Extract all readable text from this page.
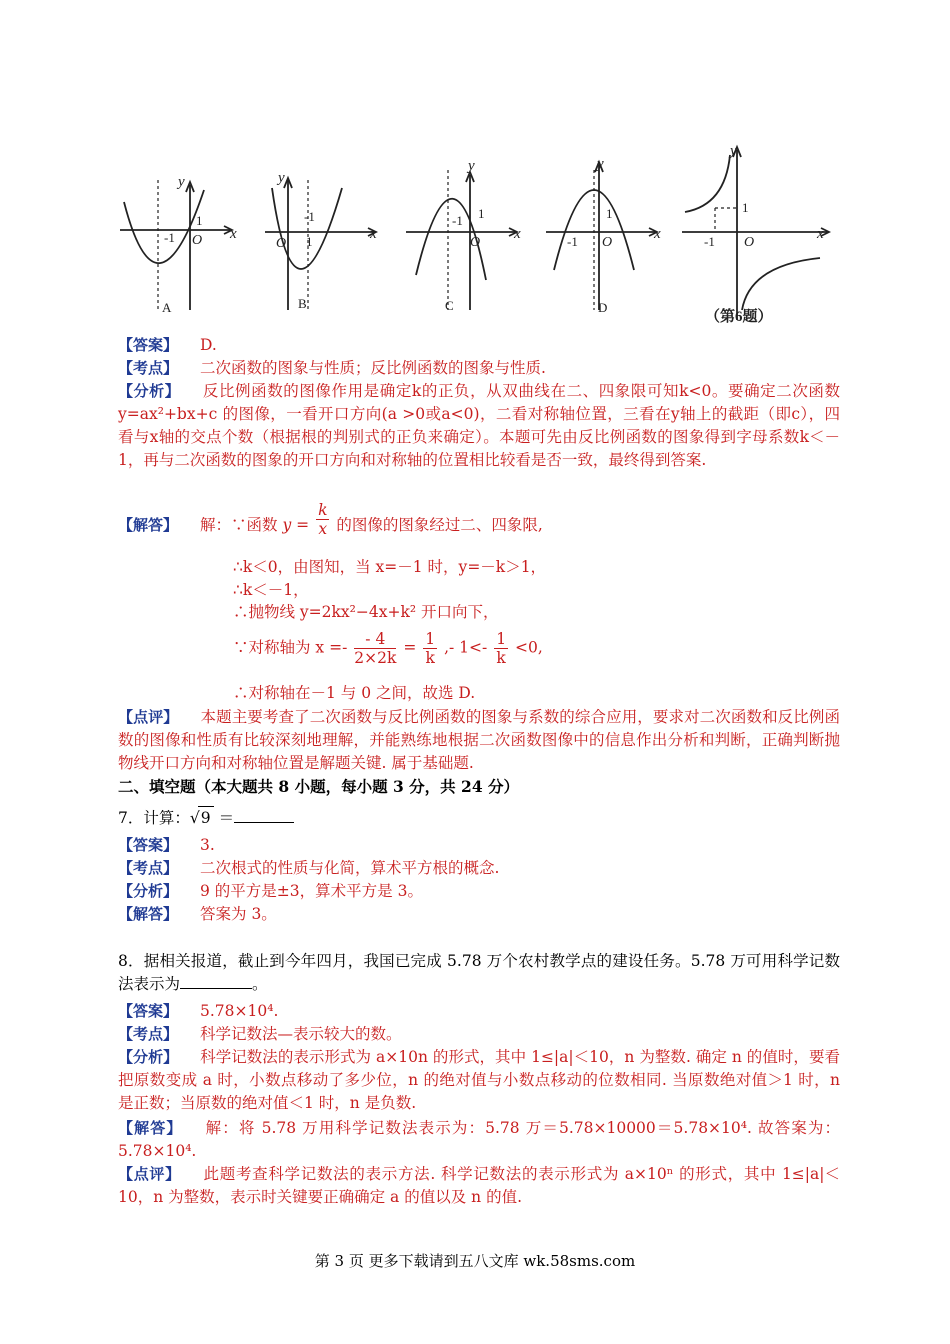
A	B	C	D
（第6题）
y
x
O
-1
1
y
x
O
-1
1
y
x
O
-1 1
y
x
O
-1
1
y
x
O
-1
1
【答案】 D.
【考点】 二次函数的图象与性质；反比例函数的图象与性质.
【分析】 反比例函数的图像作用是确定k的正负，从双曲线在二、四象限可知k<0。要确定二次函数 y=ax²+bx+c 的图像，一看开口方向(a >0或a<0)，二看对称轴位置，三看在y轴上的截距（即c），四看与x轴的交点个数（根据根的判别式的正负来确定）。本题可先由反比例函数的图象得到字母系数k＜－1，再与二次函数的图象的开口方向和对称轴的位置相比较看是否一致，最终得到答案.
【解答】 解：∵函数 $y = \frac{k}{x}$ 的图像的图象经过二、四象限,
∴k＜0，由图知，当 x=－1 时，y=－k＞1，
∴k＜－1，
∴抛物线 y=2kx²−4x+k² 开口向下，
∵对称轴为 $x =- \frac{- 4}{2\times 2k} = \frac{1}{k}$ ,- $1<- \frac{1}{k} <0$,
∴对称轴在－1 与 0 之间，故选 D.
【点评】 本题主要考查了二次函数与反比例函数的图象与系数的综合应用，要求对二次函数和反比例函数的图像和性质有比较深刻地理解，并能熟练地根据二次函数图像中的信息作出分析和判断，正确判断抛物线开口方向和对称轴位置是解题关键. 属于基础题.
二、填空题（本大题共 8 小题，每小题 3 分，共 24 分）
7．计算：√9 ＝
【答案】 3.
【考点】 二次根式的性质与化简，算术平方根的概念.
【分析】 9 的平方是±3，算术平方是 3。
【解答】 答案为 3。
8．据相关报道，截止到今年四月，我国已完成 5.78 万个农村教学点的建设任务。5.78 万可用科学记数法表示为	。
【答案】 5.78×10⁴.
【考点】 科学记数法—表示较大的数。
【分析】 科学记数法的表示形式为 a×10n 的形式，其中 1≤|a|＜10，n 为整数. 确定 n 的值时，要看把原数变成 a 时，小数点移动了多少位，n 的绝对值与小数点移动的位数相同. 当原数绝对值＞1 时，n 是正数；当原数的绝对值＜1 时，n 是负数.
【解答】 解：将 5.78 万用科学记数法表示为：5.78 万＝5.78×10000＝5.78×10⁴. 故答案为：5.78×10⁴.
【点评】 此题考查科学记数法的表示方法. 科学记数法的表示形式为 a×10ⁿ 的形式，其中 1≤|a|＜10，n 为整数，表示时关键要正确确定 a 的值以及 n 的值.
第 3 页 更多下载请到五八文库 wk.58sms.com
